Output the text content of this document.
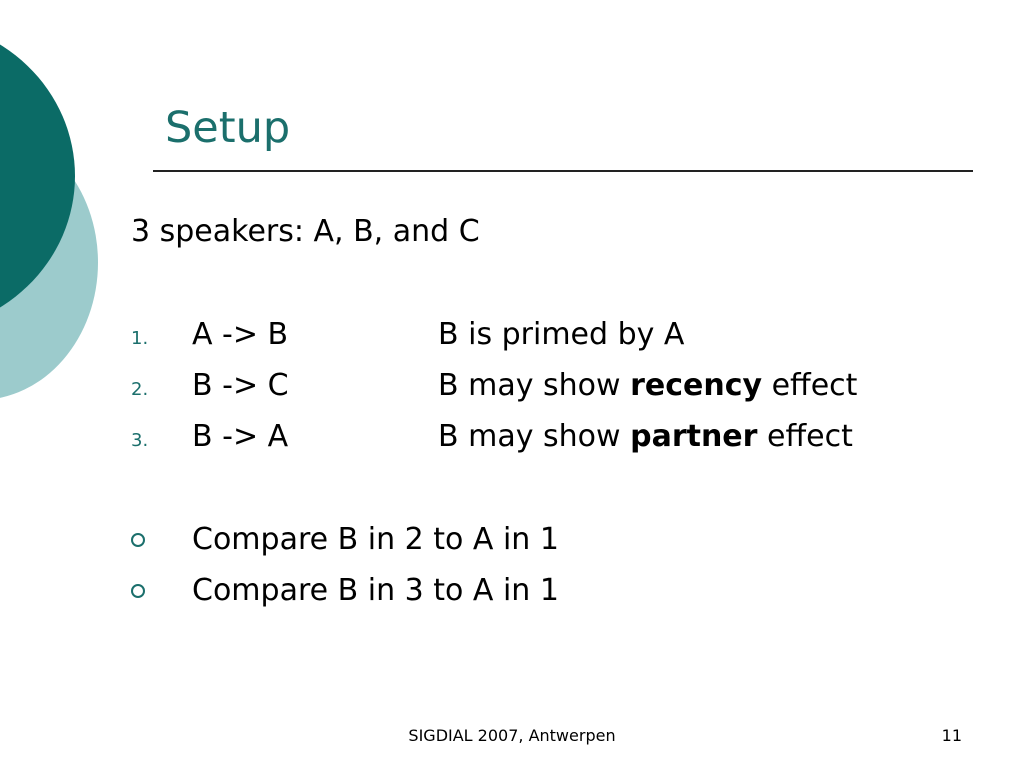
Setup
3 speakers: A, B, and C
1. A -> B	B is primed by A
2. B -> C	B may show recency effect
3. B -> A	B may show partner effect
Compare B in 2 to A in 1
Compare B in 3 to A in 1
SIGDIAL 2007, Antwerpen	11
